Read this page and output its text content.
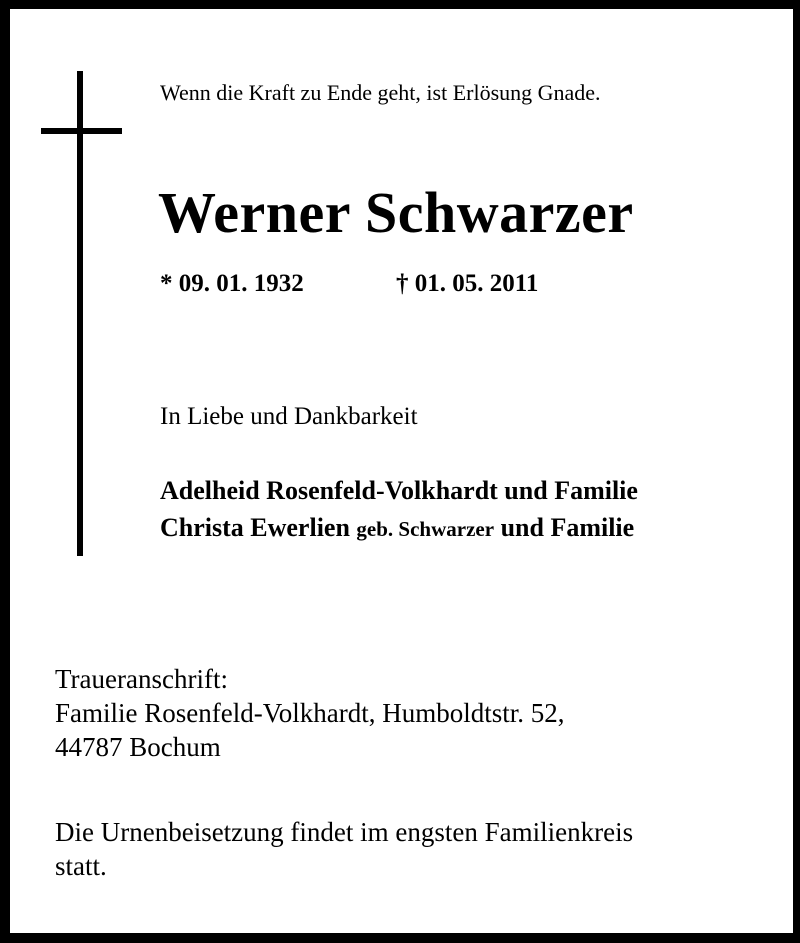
Wenn die Kraft zu Ende geht, ist Erlösung Gnade.
Werner Schwarzer
* 09. 01. 1932	† 01. 05. 2011
In Liebe und Dankbarkeit
Adelheid Rosenfeld-Volkhardt und Familie
Christa Ewerlien geb. Schwarzer und Familie
Traueranschrift:
Familie Rosenfeld-Volkhardt, Humboldtstr. 52,
44787 Bochum
Die Urnenbeisetzung findet im engsten Familienkreis
statt.
